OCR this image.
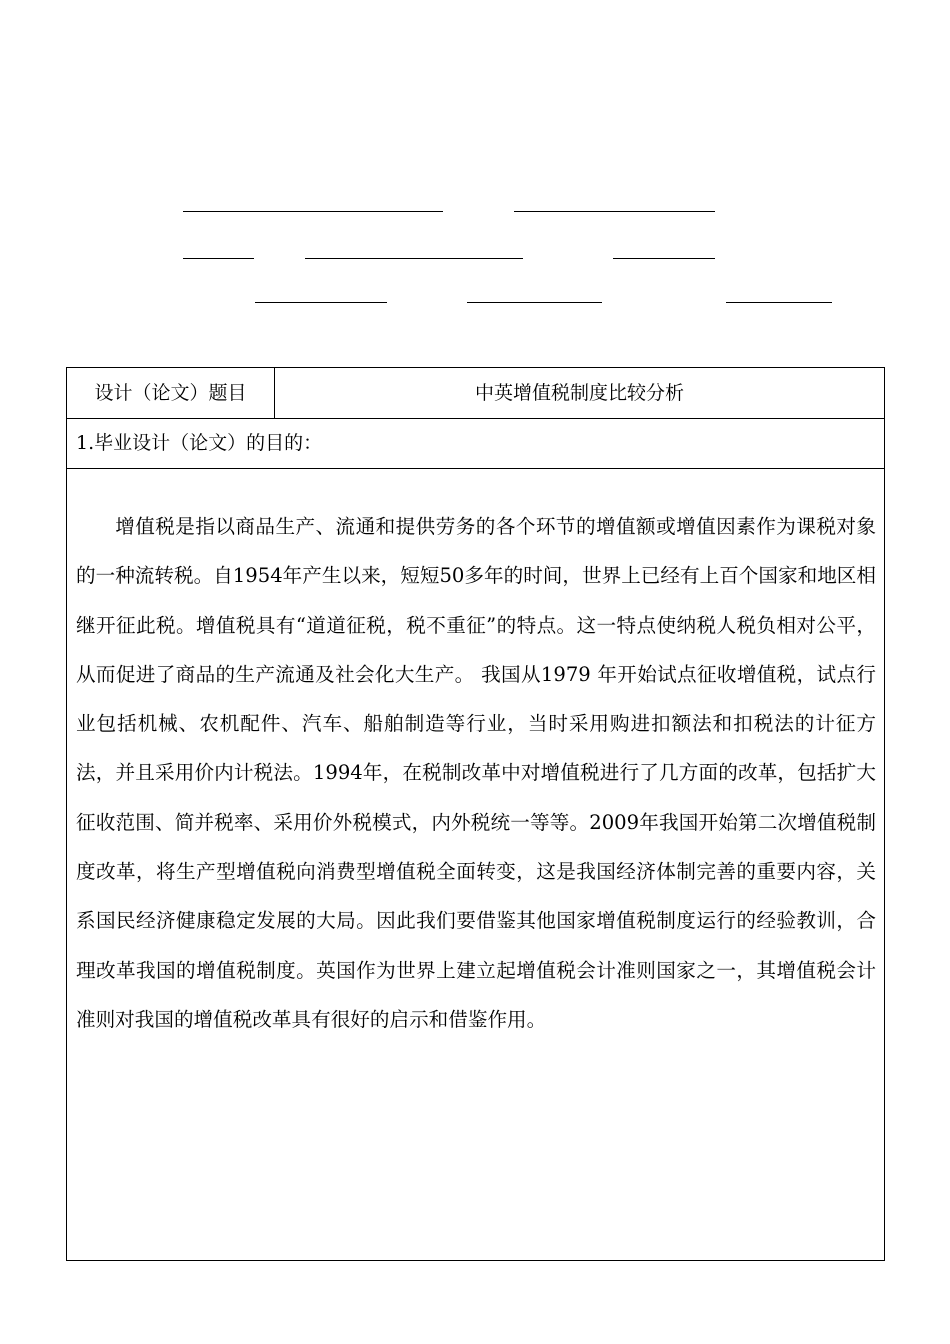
设计（论文）题目	中英增值税制度比较分析
1.毕业设计（论文）的目的：

增值税是指以商品生产、流通和提供劳务的各个环节的增值额或增值因素作为课税对象的一种流转税。自1954年产生以来，短短50多年的时间，世界上已经有上百个国家和地区相继开征此税。增值税具有“道道征税，税不重征”的特点。这一特点使纳税人税负相对公平，从而促进了商品的生产流通及社会化大生产。 我国从1979 年开始试点征收增值税，试点行业包括机械、农机配件、汽车、船舶制造等行业，当时采用购进扣额法和扣税法的计征方法，并且采用价内计税法。1994年，在税制改革中对增值税进行了几方面的改革，包括扩大征收范围、简并税率、采用价外税模式，内外税统一等等。2009年我国开始第二次增值税制度改革，将生产型增值税向消费型增值税全面转变，这是我国经济体制完善的重要内容，关系国民经济健康稳定发展的大局。因此我们要借鉴其他国家增值税制度运行的经验教训，合理改革我国的增值税制度。英国作为世界上建立起增值税会计准则国家之一，其增值税会计准则对我国的增值税改革具有很好的启示和借鉴作用。
